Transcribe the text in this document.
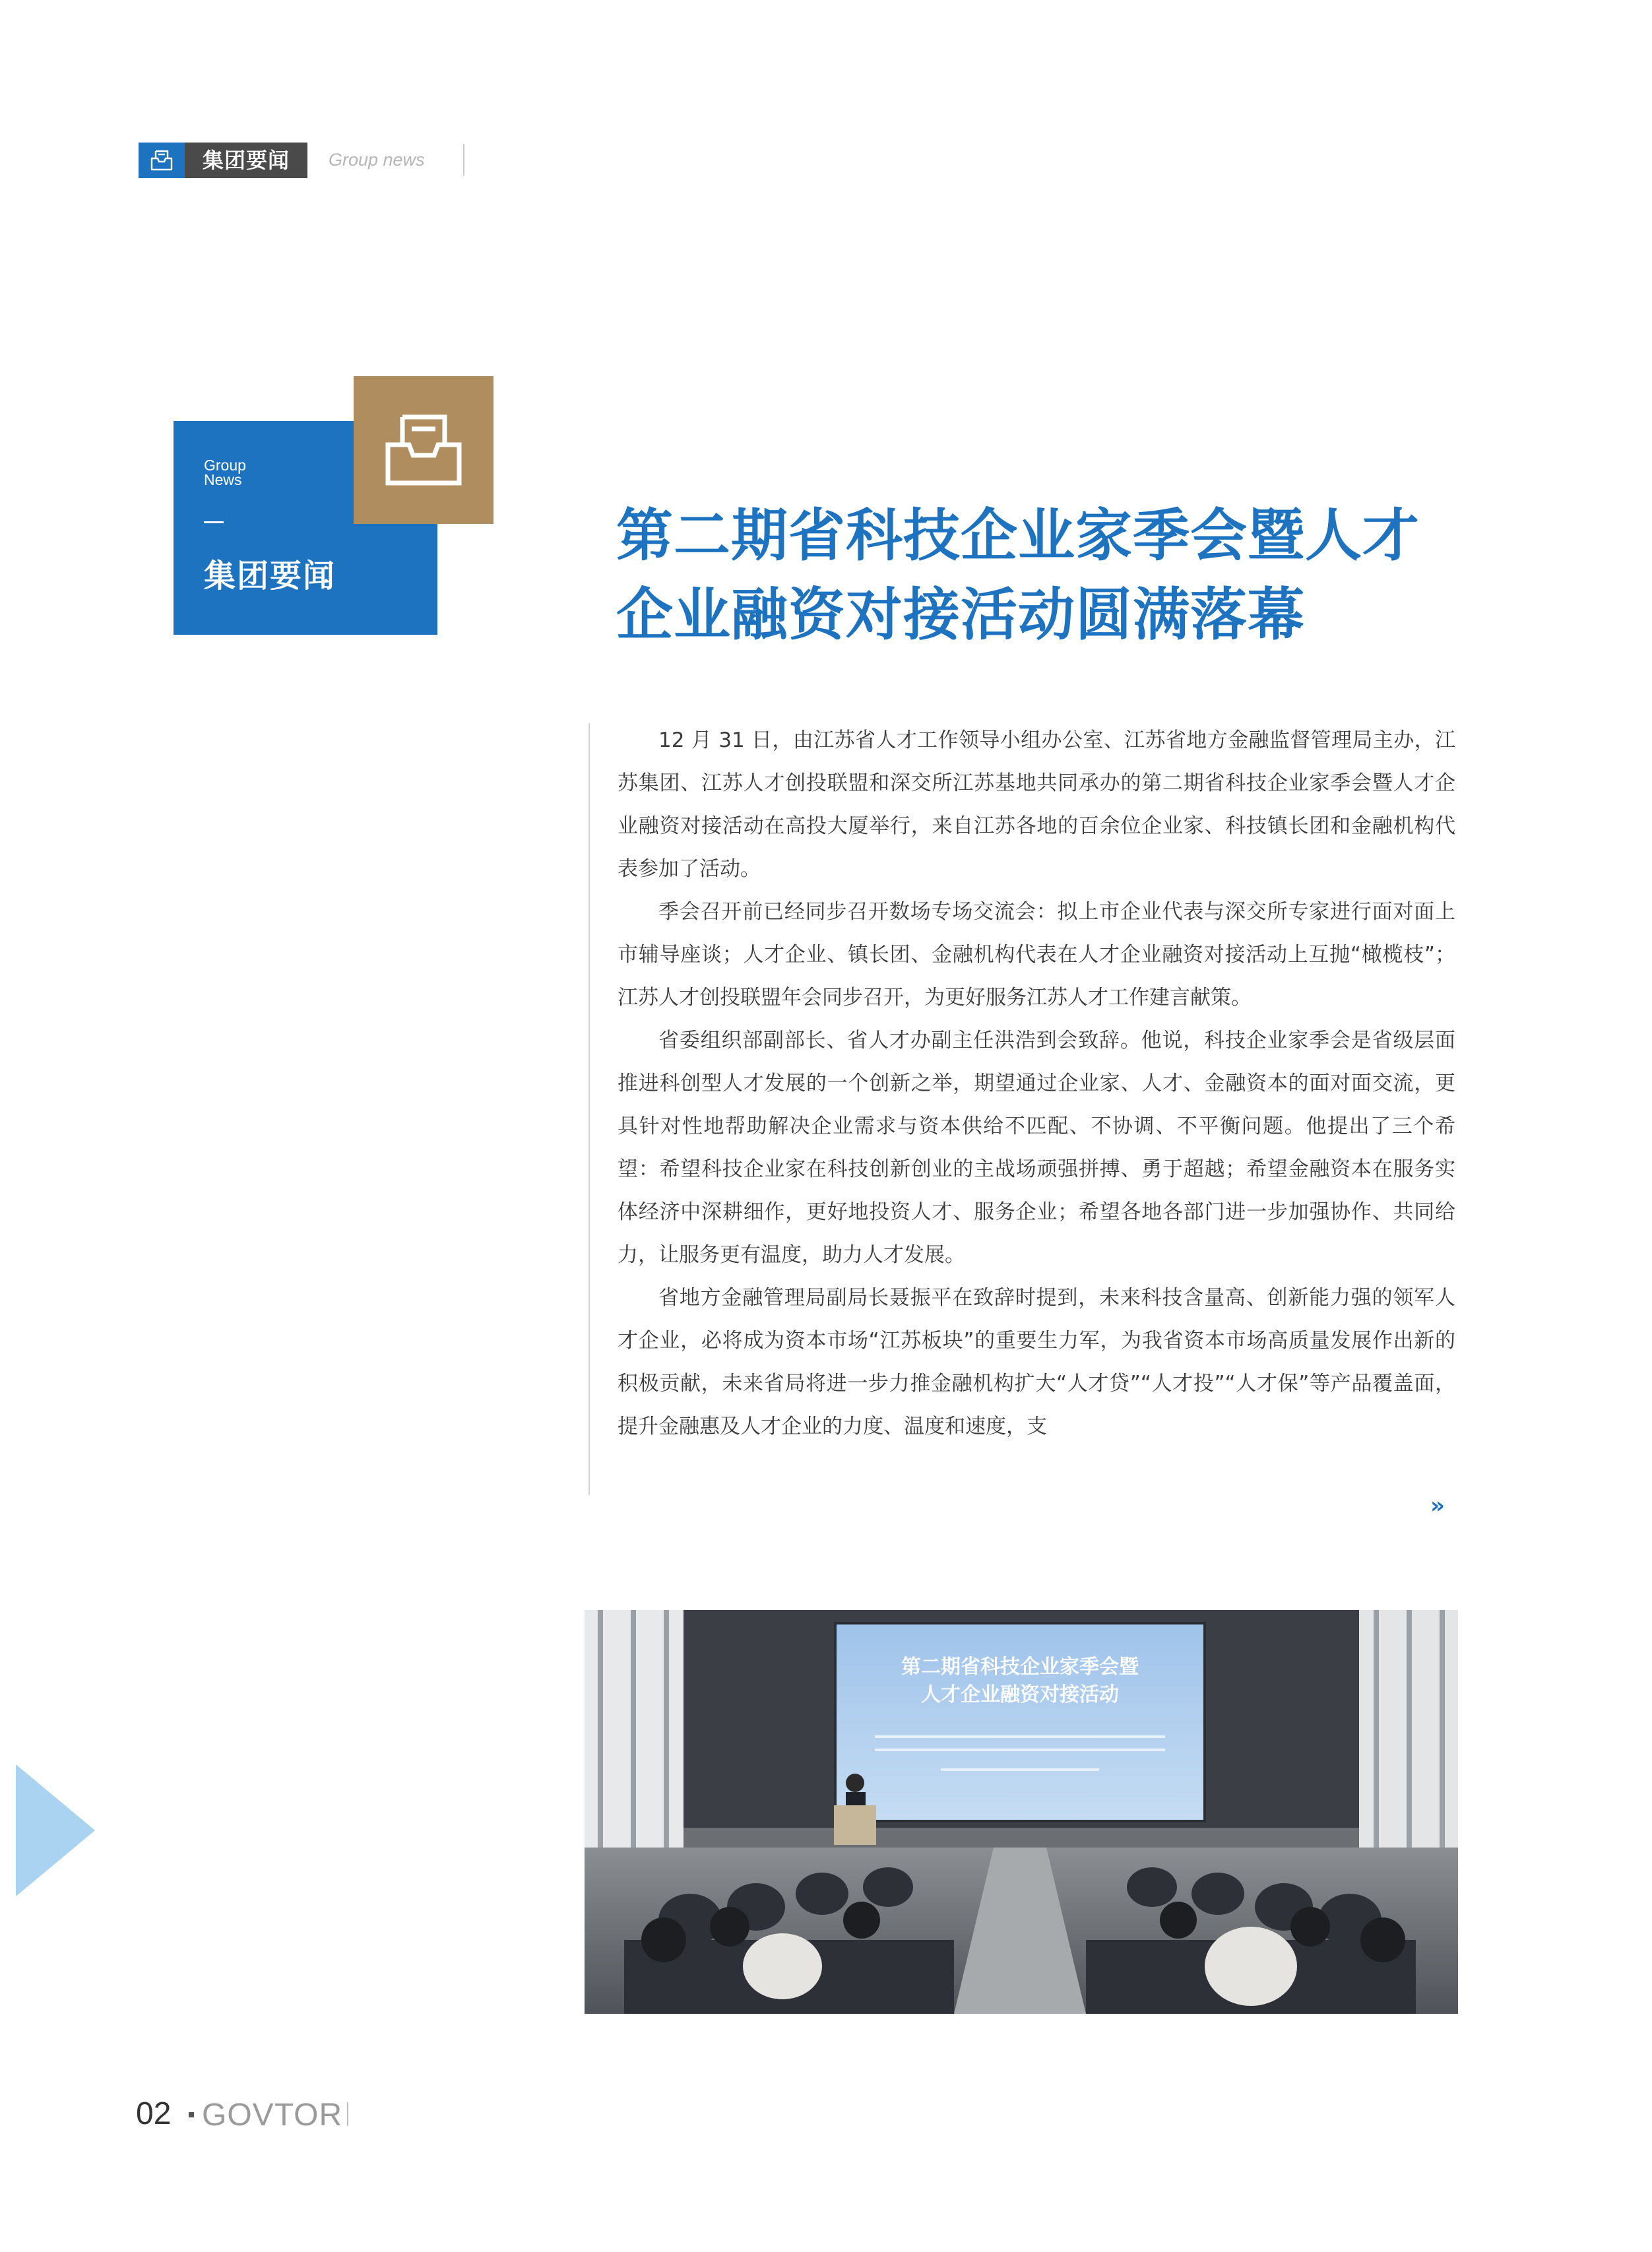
集团要闻	Group news
Group News
集团要闻
第二期省科技企业家季会暨人才
企业融资对接活动圆满落幕

12 月 31 日，由江苏省人才工作领导小组办公室、江苏省地方金融监督管理局主办，江苏集团、江苏人才创投联盟和深交所江苏基地共同承办的第二期省科技企业家季会暨人才企业融资对接活动在高投大厦举行，来自江苏各地的百余位企业家、科技镇长团和金融机构代表参加了活动。

季会召开前已经同步召开数场专场交流会：拟上市企业代表与深交所专家进行面对面上市辅导座谈；人才企业、镇长团、金融机构代表在人才企业融资对接活动上互抛“橄榄枝”；江苏人才创投联盟年会同步召开，为更好服务江苏人才工作建言献策。

省委组织部副部长、省人才办副主任洪浩到会致辞。他说，科技企业家季会是省级层面推进科创型人才发展的一个创新之举，期望通过企业家、人才、金融资本的面对面交流，更具针对性地帮助解决企业需求与资本供给不匹配、不协调、不平衡问题。他提出了三个希望：希望科技企业家在科技创新创业的主战场顽强拼搏、勇于超越；希望金融资本在服务实体经济中深耕细作，更好地投资人才、服务企业；希望各地各部门进一步加强协作、共同给力，让服务更有温度，助力人才发展。

省地方金融管理局副局长聂振平在致辞时提到，未来科技含量高、创新能力强的领军人才企业，必将成为资本市场“江苏板块”的重要生力军，为我省资本市场高质量发展作出新的积极贡献，未来省局将进一步力推金融机构扩大“人才贷”“人才投”“人才保”等产品覆盖面，提升金融惠及人才企业的力度、温度和速度，支

»
第二期省科技企业家季会暨
人才企业融资对接活动
02 GOVTOR
